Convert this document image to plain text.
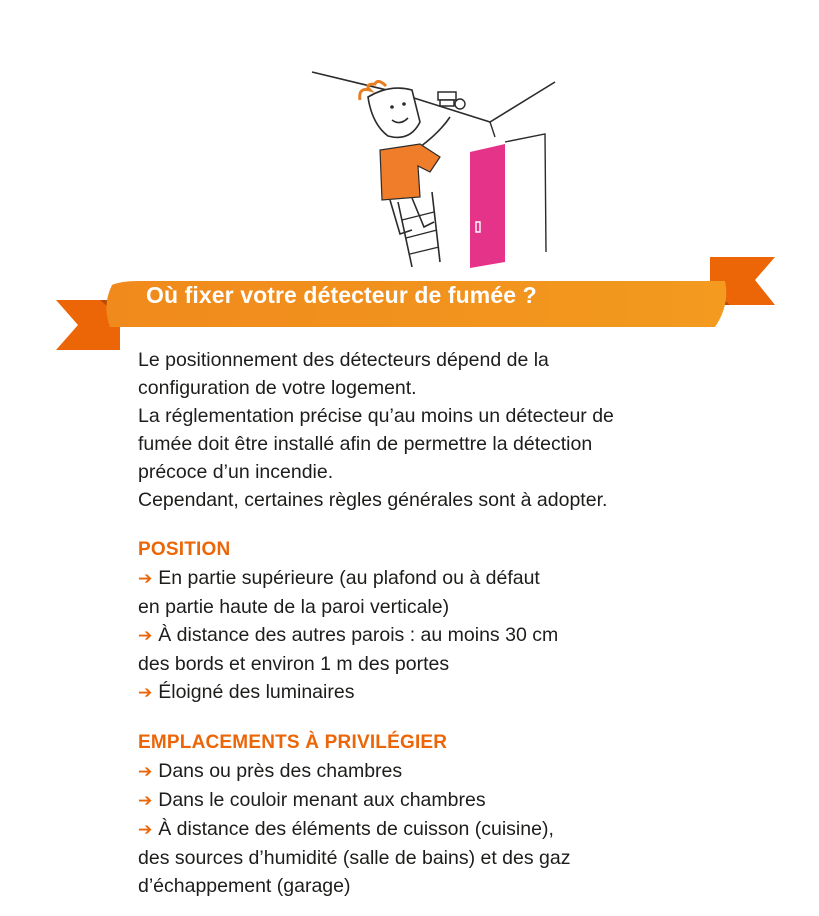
Où fixer votre détecteur de fumée ?

Le positionnement des détecteurs dépend de la

configuration de votre logement.

La réglementation précise qu’au moins un détecteur de

fumée doit être installé afin de permettre la détection

précoce d’un incendie.

Cependant, certaines règles générales sont à adopter.

POSITION

➔ En partie supérieure (au plafond ou à défaut

en partie haute de la paroi verticale)

➔ À distance des autres parois : au moins 30 cm

des bords et environ 1 m des portes

➔ Éloigné des luminaires

EMPLACEMENTS À PRIVILÉGIER

➔ Dans ou près des chambres

➔ Dans le couloir menant aux chambres

➔ À distance des éléments de cuisson (cuisine),

des sources d’humidité (salle de bains) et des gaz

d’échappement (garage)
